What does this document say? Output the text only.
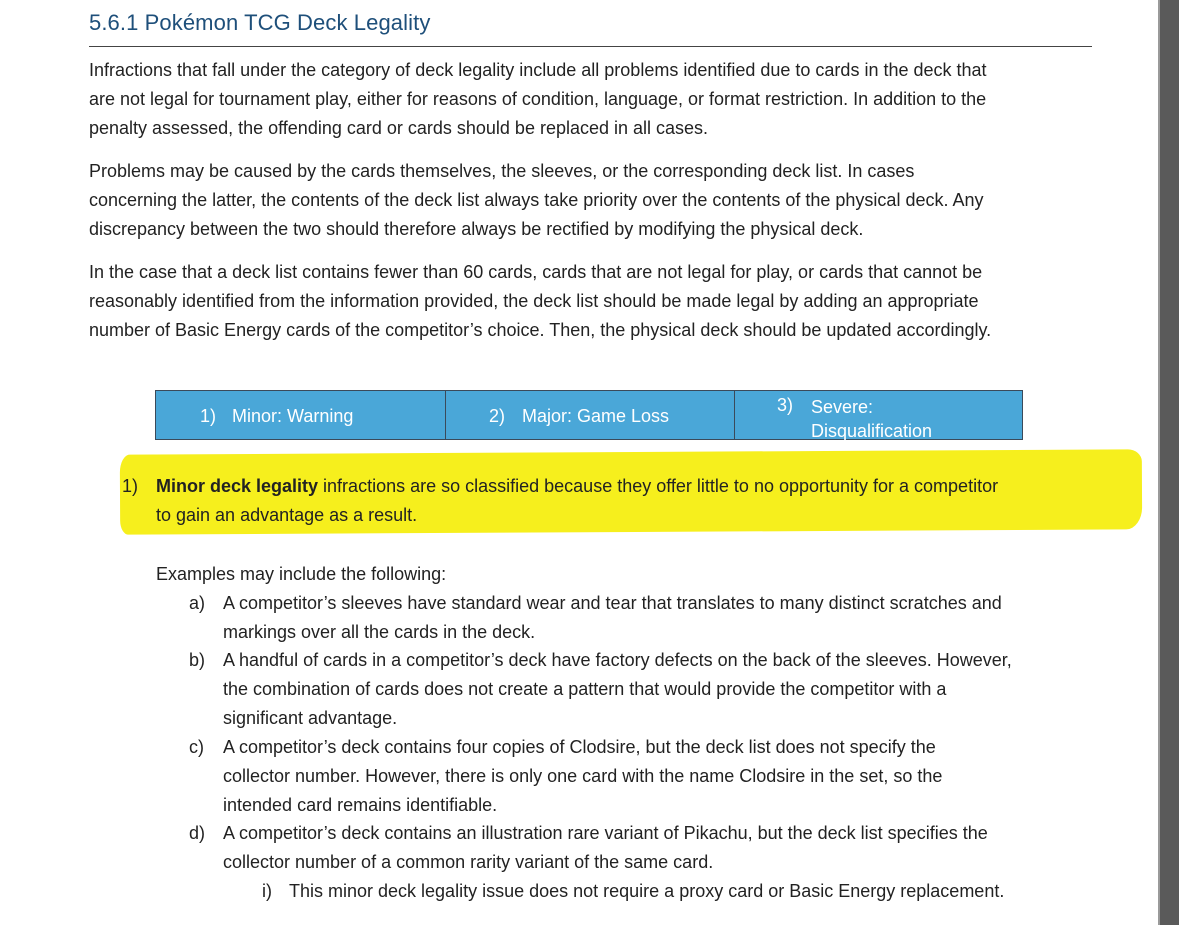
5.6.1 Pokémon TCG Deck Legality

Infractions that fall under the category of deck legality include all problems identified due to cards in the deck that
are not legal for tournament play, either for reasons of condition, language, or format restriction. In addition to the
penalty assessed, the offending card or cards should be replaced in all cases.

Problems may be caused by the cards themselves, the sleeves, or the corresponding deck list. In cases
concerning the latter, the contents of the deck list always take priority over the contents of the physical deck. Any
discrepancy between the two should therefore always be rectified by modifying the physical deck.

In the case that a deck list contains fewer than 60 cards, cards that are not legal for play, or cards that cannot be
reasonably identified from the information provided, the deck list should be made legal by adding an appropriate
number of Basic Energy cards of the competitor’s choice. Then, the physical deck should be updated accordingly.

1) Minor: Warning	2) Major: Game Loss
3) Severe:
Disqualification
1) Minor deck legality infractions are so classified because they offer little to no opportunity for a competitor
to gain an advantage as a result.
Examples may include the following:
a) A competitor’s sleeves have standard wear and tear that translates to many distinct scratches and
markings over all the cards in the deck.
b) A handful of cards in a competitor’s deck have factory defects on the back of the sleeves. However,
the combination of cards does not create a pattern that would provide the competitor with a
significant advantage.
c) A competitor’s deck contains four copies of Clodsire, but the deck list does not specify the
collector number. However, there is only one card with the name Clodsire in the set, so the
intended card remains identifiable.
d) A competitor’s deck contains an illustration rare variant of Pikachu, but the deck list specifies the
collector number of a common rarity variant of the same card.
i) This minor deck legality issue does not require a proxy card or Basic Energy replacement.
